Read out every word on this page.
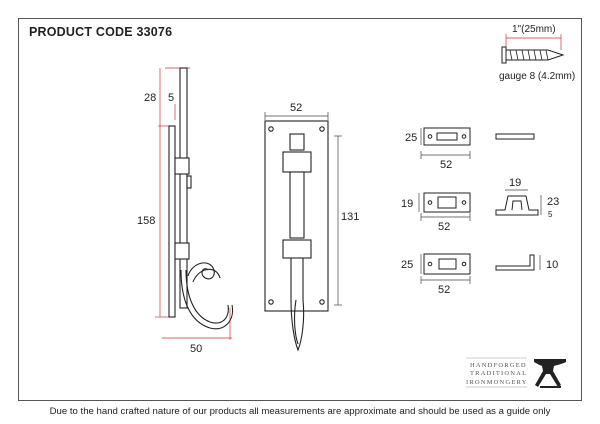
PRODUCT CODE 33076
28 5
158
50
52
131
1"(25mm)
gauge 8 (4.2mm)
25
52
19
52
19
23
5
25
52
10
HANDFORGED
TRADITIONAL
IRONMONGERY
Due to the hand crafted nature of our products all measurements are approximate and should be used as a guide only
